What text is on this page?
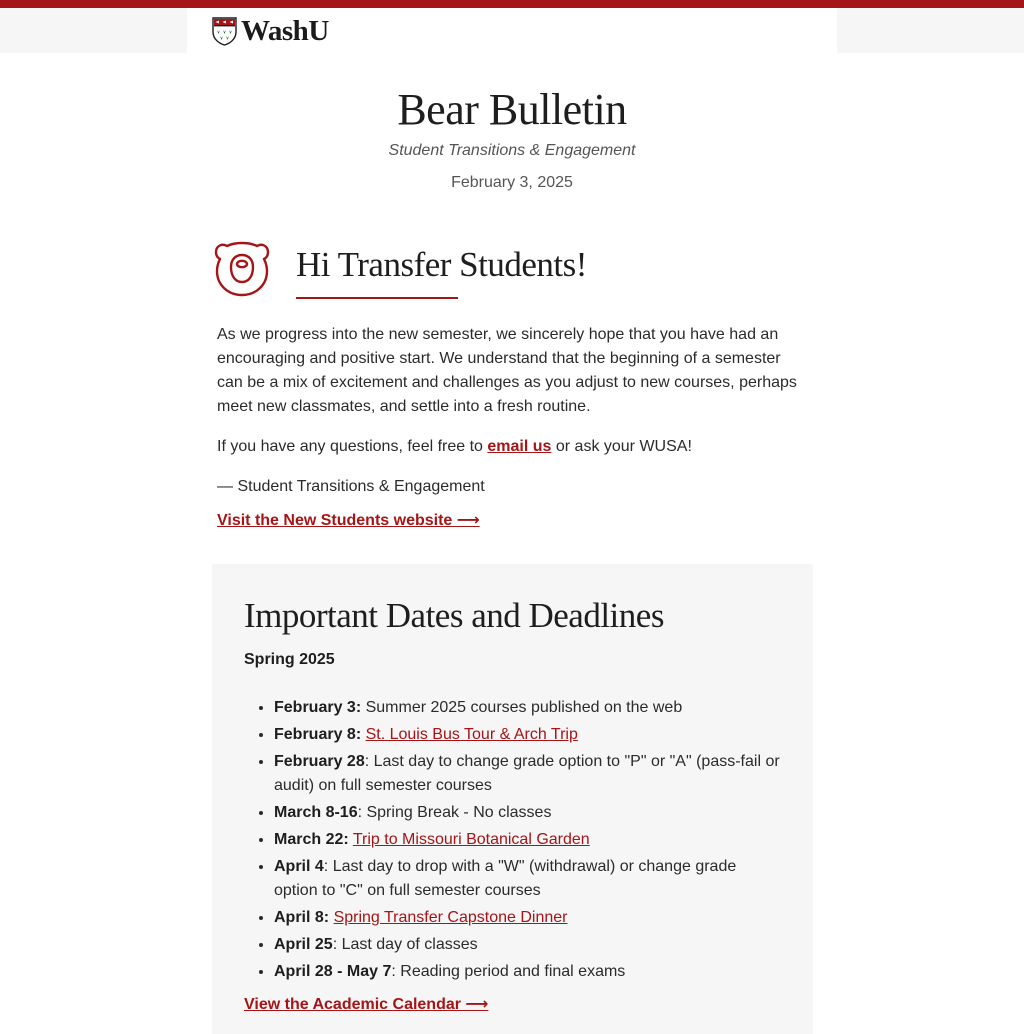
WashU
Bear Bulletin
Student Transitions & Engagement
February 3, 2025
Hi Transfer Students!

As we progress into the new semester, we sincerely hope that you have had an encouraging and positive start. We understand that the beginning of a semester can be a mix of excitement and challenges as you adjust to new courses, perhaps meet new classmates, and settle into a fresh routine.

If you have any questions, feel free to email us or ask your WUSA!

— Student Transitions & Engagement

Visit the New Students website ⟶
Important Dates and Deadlines
Spring 2025
• February 3: Summer 2025 courses published on the web
• February 8: St. Louis Bus Tour & Arch Trip
• February 28: Last day to change grade option to "P" or "A" (pass-fail or audit) on full semester courses
• March 8-16: Spring Break - No classes
• March 22: Trip to Missouri Botanical Garden
• April 4: Last day to drop with a "W" (withdrawal) or change grade option to "C" on full semester courses
• April 8: Spring Transfer Capstone Dinner
• April 25: Last day of classes
• April 28 - May 7: Reading period and final exams
View the Academic Calendar ⟶
